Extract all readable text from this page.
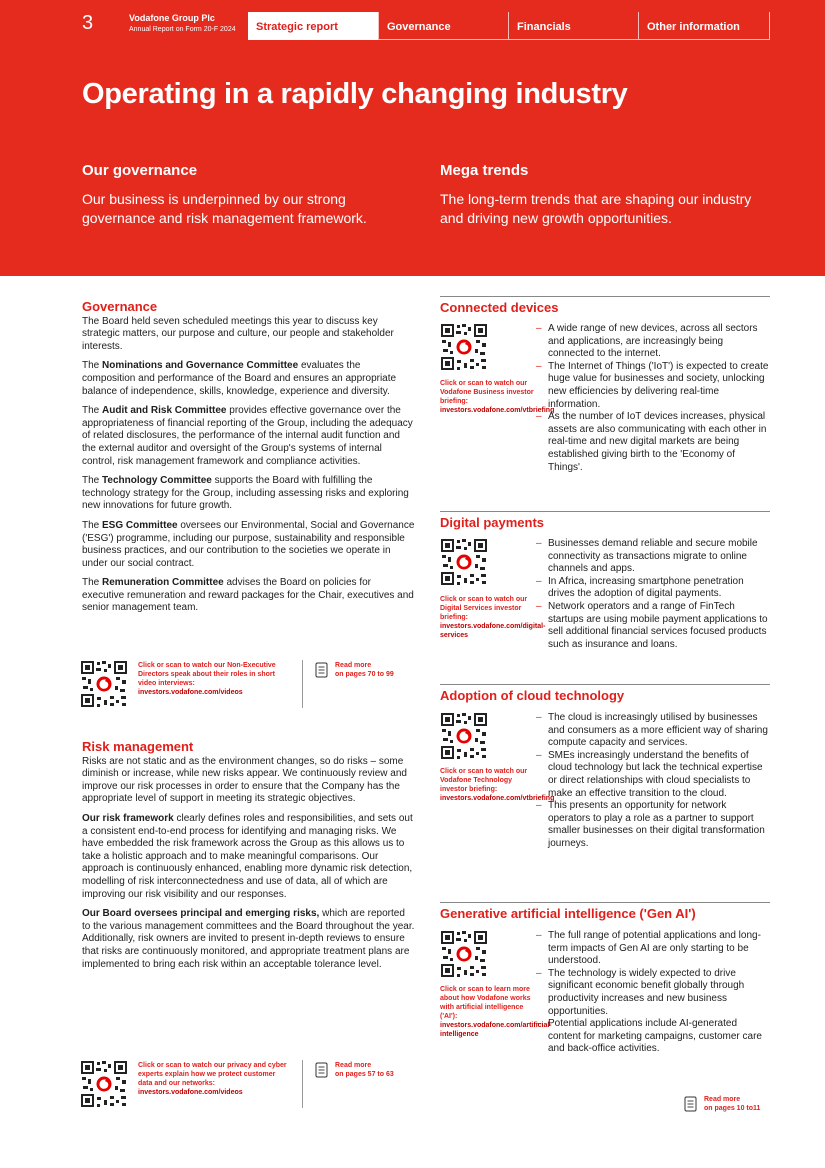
3	Vodafone Group Plc
Annual Report on Form 20-F 2024	Strategic report	Governance	Financials	Other information
Operating in a rapidly changing industry
Our governance

Our business is underpinned by our strong governance and risk management framework.

Mega trends

The long-term trends that are shaping our industry and driving new growth opportunities.

Governance

The Board held seven scheduled meetings this year to discuss key strategic matters, our purpose and culture, our people and stakeholder interests.

The Nominations and Governance Committee evaluates the composition and performance of the Board and ensures an appropriate balance of independence, skills, knowledge, experience and diversity.

The Audit and Risk Committee provides effective governance over the appropriateness of financial reporting of the Group, including the adequacy of related disclosures, the performance of the internal audit function and the external auditor and oversight of the Group's systems of internal control, risk management framework and compliance activities.

The Technology Committee supports the Board with fulfilling the technology strategy for the Group, including assessing risks and exploring new innovations for future growth.

The ESG Committee oversees our Environmental, Social and Governance ('ESG') programme, including our purpose, sustainability and responsible business practices, and our contribution to the societies we operate in under our social contract.

The Remuneration Committee advises the Board on policies for executive remuneration and reward packages for the Chair, executives and senior management team.

Click or scan to watch our Non-Executive Directors speak about their roles in short video interviews:
investors.vodafone.com/videos
Read more
on pages 70 to 99
Risk management

Risks are not static and as the environment changes, so do risks – some diminish or increase, while new risks appear. We continuously review and improve our risk processes in order to ensure that the Company has the appropriate level of support in meeting its strategic objectives.

Our risk framework clearly defines roles and responsibilities, and sets out a consistent end-to-end process for identifying and managing risks. We have embedded the risk framework across the Group as this allows us to take a holistic approach and to make meaningful comparisons. Our approach is continuously enhanced, enabling more dynamic risk detection, modelling of risk interconnectedness and use of data, all of which are improving our risk visibility and our responses.

Our Board oversees principal and emerging risks, which are reported to the various management committees and the Board throughout the year. Additionally, risk owners are invited to present in-depth reviews to ensure that risks are continuously monitored, and appropriate treatment plans are implemented to bring each risk within an acceptable tolerance level.

Click or scan to watch our privacy and cyber experts explain how we protect customer data and our networks:
investors.vodafone.com/videos
Read more
on pages 57 to 63
Connected devices
Click or scan to watch our Vodafone Business investor briefing:
investors.vodafone.com/vtbriefing
– A wide range of new devices, across all sectors and applications, are increasingly being connected to the internet.
– The Internet of Things ('IoT') is expected to create huge value for businesses and society, unlocking new efficiencies by delivering real-time information.
– As the number of IoT devices increases, physical assets are also communicating with each other in real-time and new digital markets are being established giving birth to the 'Economy of Things'.
Digital payments
Click or scan to watch our Digital Services investor briefing:
investors.vodafone.com/digital-services
– Businesses demand reliable and secure mobile connectivity as transactions migrate to online channels and apps.
– In Africa, increasing smartphone penetration drives the adoption of digital payments.
– Network operators and a range of FinTech startups are using mobile payment applications to sell additional financial services focused products such as insurance and loans.
Adoption of cloud technology
Click or scan to watch our Vodafone Technology investor briefing:
investors.vodafone.com/vtbriefing
– The cloud is increasingly utilised by businesses and consumers as a more efficient way of sharing compute capacity and services.
– SMEs increasingly understand the benefits of cloud technology but lack the technical expertise or direct relationships with cloud specialists to make an effective transition to the cloud.
– This presents an opportunity for network operators to play a role as a partner to support smaller businesses on their digital transformation journeys.
Generative artificial intelligence ('Gen AI')
Click or scan to learn more about how Vodafone works with artificial intelligence ('AI'):
investors.vodafone.com/artificial-intelligence
– The full range of potential applications and long-term impacts of Gen AI are only starting to be understood.
– The technology is widely expected to drive significant economic benefit globally through productivity increases and new business opportunities.
– Potential applications include AI-generated content for marketing campaigns, customer care and back-office activities.
Read more
on pages 10 to11
